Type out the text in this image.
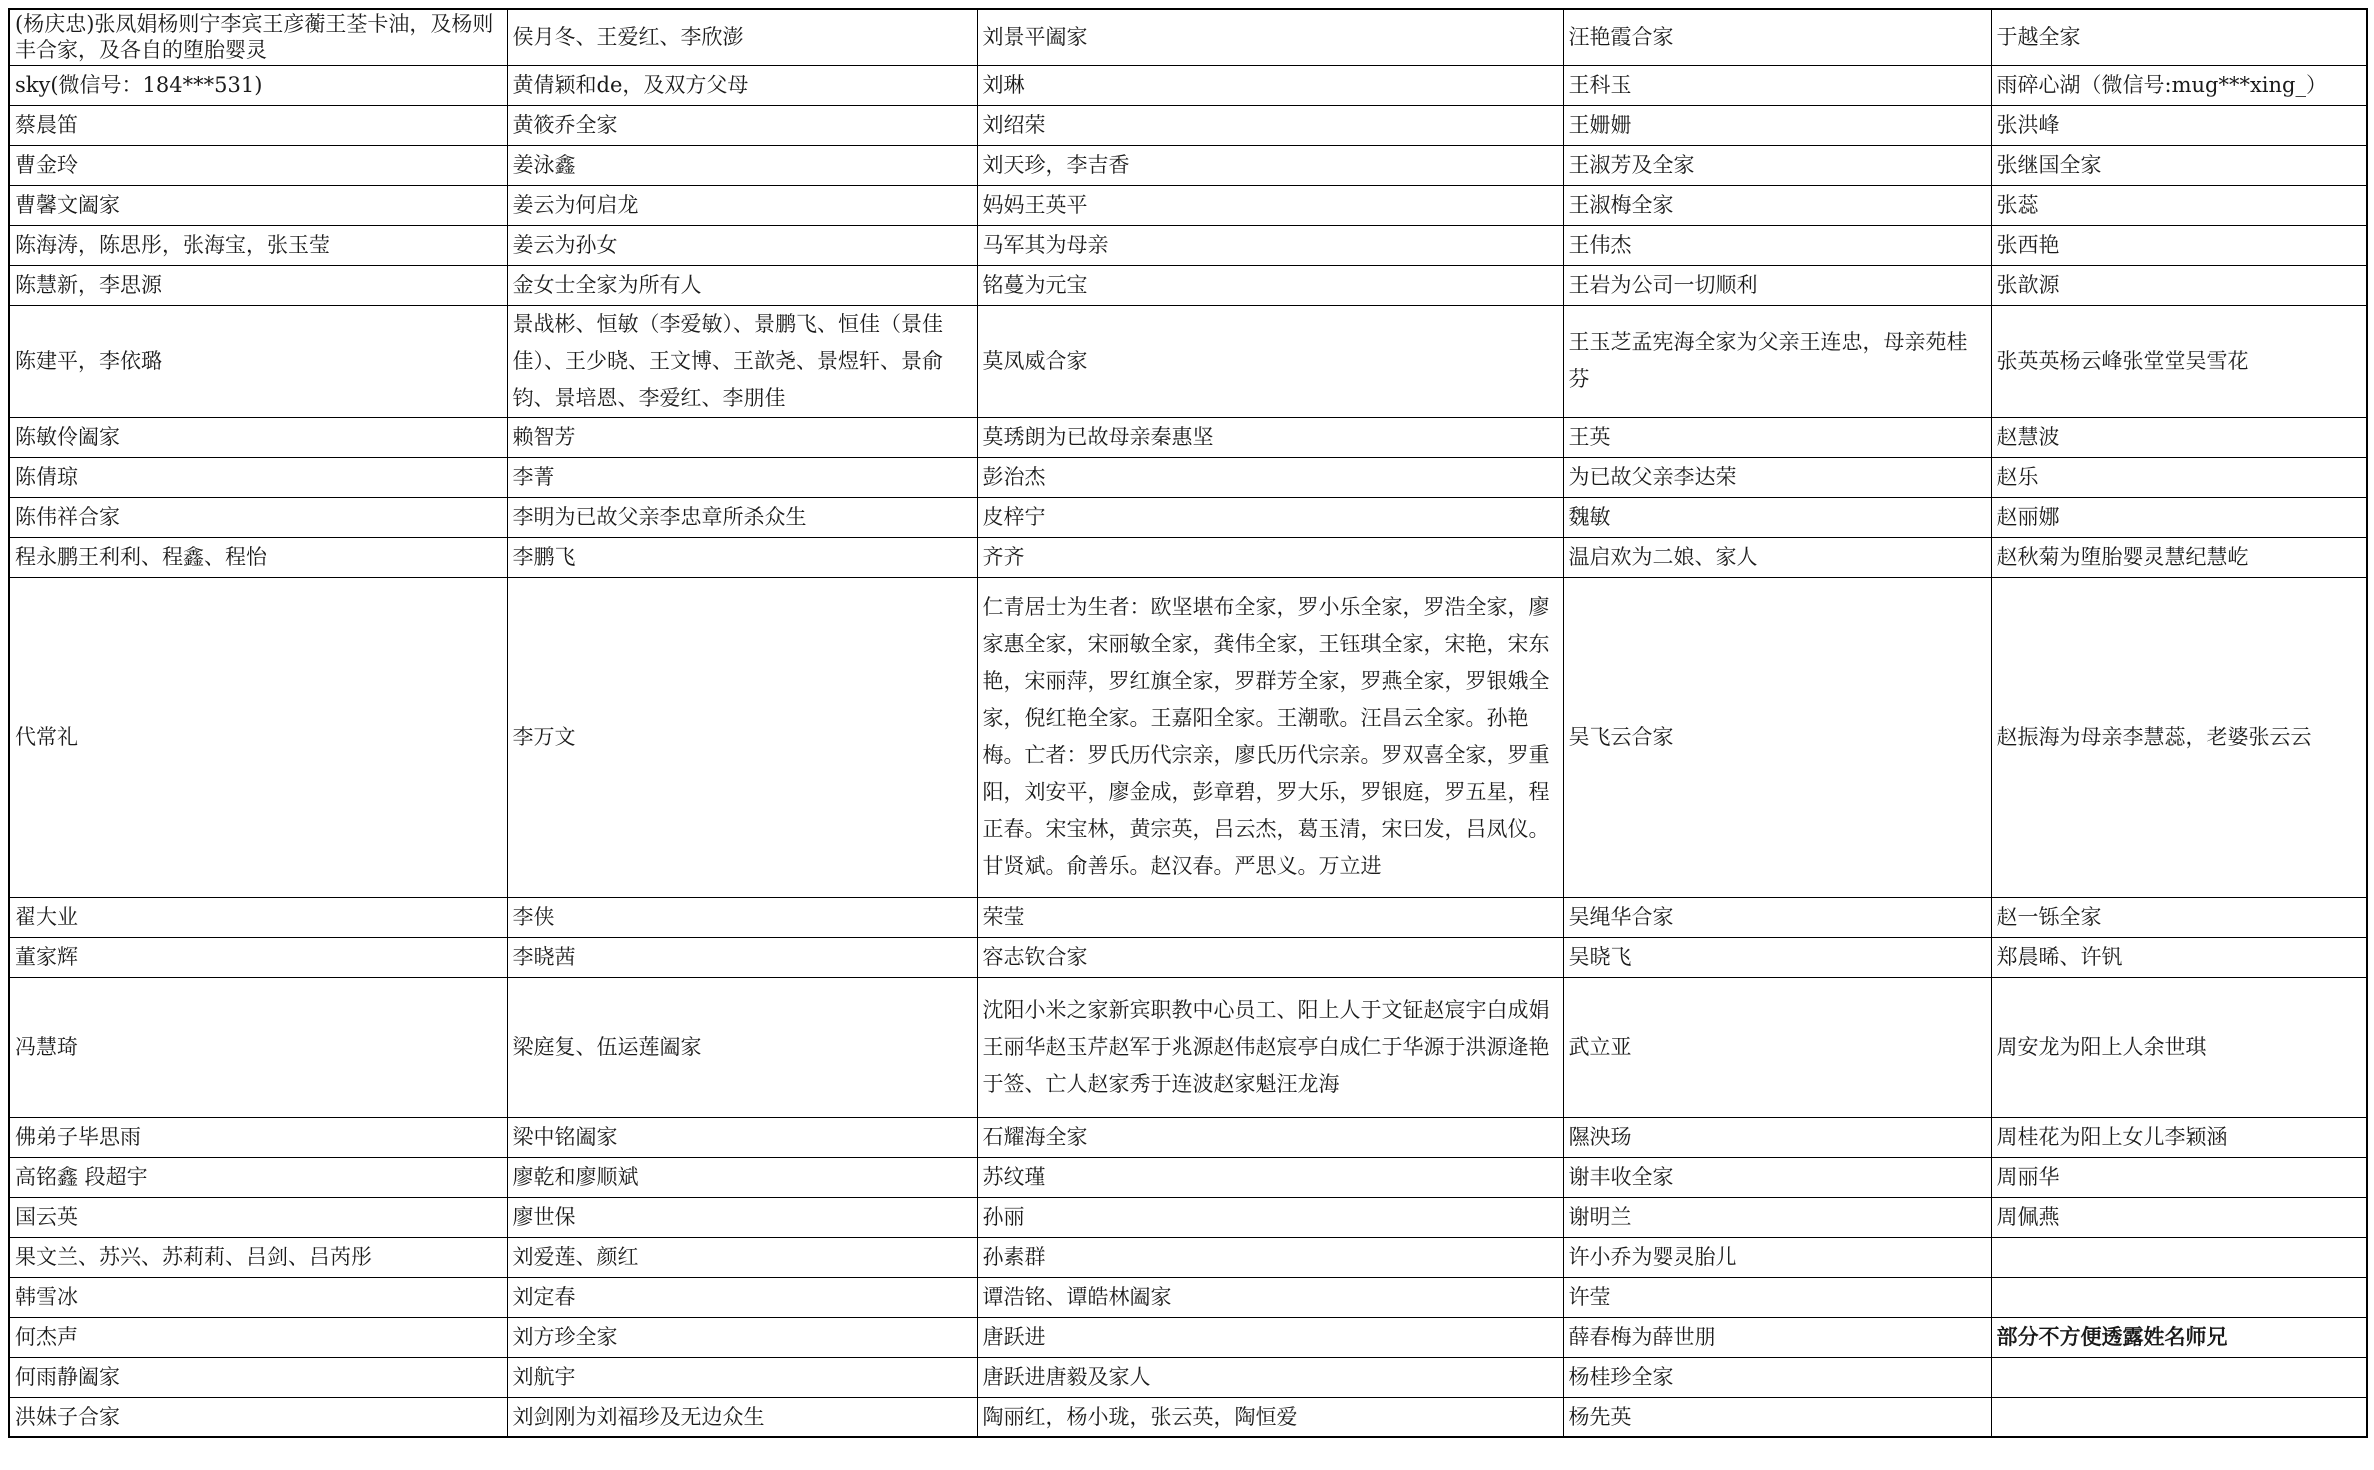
(杨庆忠)张凤娟杨则宁李宾王彦蘅王荃卡油，及杨则丰合家，及各自的堕胎婴灵	侯月冬、王爱红、李欣澎	刘景平阖家	汪艳霞合家	于越全家
sky(微信号：184***531)	黄倩颖和de，及双方父母	刘琳	王科玉	雨碎心湖（微信号:mug***xing_）
蔡晨笛	黄筱乔全家	刘绍荣	王姗姗	张洪峰
曹金玲	姜泳鑫	刘天珍，李吉香	王淑芳及全家	张继国全家
曹馨文阖家	姜云为何启龙	妈妈王英平	王淑梅全家	张蕊
陈海涛，陈思彤，张海宝，张玉莹	姜云为孙女	马军其为母亲	王伟杰	张西艳
陈慧新，李思源	金女士全家为所有人	铭蔓为元宝	王岩为公司一切顺利	张歆源
陈建平，李依璐	景战彬、恒敏（李爱敏）、景鹏飞、恒佳（景佳佳）、王少晓、王文博、王歆尧、景煜轩、景俞钧、景培恩、李爱红、李朋佳	莫凤威合家	王玉芝孟宪海全家为父亲王连忠，母亲苑桂芬	张英英杨云峰张堂堂吴雪花
陈敏伶阖家	赖智芳	莫琇朗为已故母亲秦惠坚	王英	赵慧波
陈倩琼	李菁	彭治杰	为已故父亲李达荣	赵乐
陈伟祥合家	李明为已故父亲李忠章所杀众生	皮梓宁	魏敏	赵丽娜
程永鹏王利利、程鑫、程怡	李鹏飞	齐齐	温启欢为二娘、家人	赵秋菊为堕胎婴灵慧纪慧屹
代常礼	李万文	仁青居士为生者：欧坚堪布全家，罗小乐全家，罗浩全家，廖家惠全家，宋丽敏全家，龚伟全家，王钰琪全家，宋艳，宋东艳，宋丽萍，罗红旗全家，罗群芳全家，罗燕全家，罗银娥全家，倪红艳全家。王嘉阳全家。王潮歌。汪昌云全家。孙艳梅。亡者：罗氏历代宗亲，廖氏历代宗亲。罗双喜全家，罗重阳，刘安平，廖金成，彭章碧，罗大乐，罗银庭，罗五星，程正春。宋宝林，黄宗英，吕云杰，葛玉清，宋曰发，吕凤仪。甘贤斌。俞善乐。赵汉春。严思义。万立进	吴飞云合家	赵振海为母亲李慧蕊，老婆张云云
翟大业	李侠	荣莹	吴绳华合家	赵一铄全家
董家辉	李晓茜	容志钦合家	吴晓飞	郑晨晞、许钒
冯慧琦	梁庭复、伍运莲阖家	沈阳小米之家新宾职教中心员工、阳上人于文钲赵宸宇白成娟王丽华赵玉芹赵军于兆源赵伟赵宸亭白成仁于华源于洪源逄艳于签、亡人赵家秀于连波赵家魁汪龙海	武立亚	周安龙为阳上人余世琪
佛弟子毕思雨	梁中铭阖家	石耀海全家	隰泱玚	周桂花为阳上女儿李颖涵
高铭鑫 段超宇	廖乾和廖顺斌	苏纹瑾	谢丰收全家	周丽华
国云英	廖世保	孙丽	谢明兰	周佩燕
果文兰、苏兴、苏莉莉、吕剑、吕芮彤	刘爱莲、颜红	孙素群	许小乔为婴灵胎儿	
韩雪冰	刘定春	谭浩铭、谭皓林阖家	许莹	
何杰声	刘方珍全家	唐跃进	薛春梅为薛世朋	部分不方便透露姓名师兄
何雨静阖家	刘航宇	唐跃进唐毅及家人	杨桂珍全家	
洪妹子合家	刘剑刚为刘福珍及无边众生	陶丽红，杨小珑，张云英，陶恒爱	杨先英	
